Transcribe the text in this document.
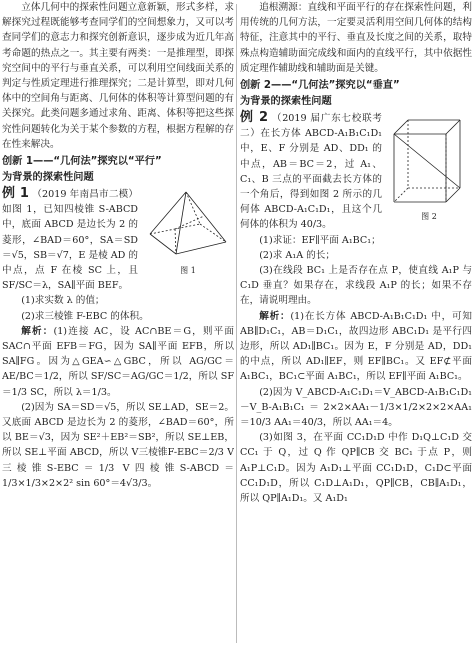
立体几何中的探索性问题立意新颖，形式多样，求解探究过程既能够考查同学们的空间想象力，又可以考查同学们的意志力和探究创新意识，逐步成为近几年高考命题的热点之一。其主要有两类：一是推理型，即探究空间中的平行与垂直关系，可以利用空间线面关系的判定与性质定理进行推理探究；二是计算型，即对几何体中的空间角与距离、几何体的体积等计算型问题的有关探究。此类问题多通过求角、距离、体积等把这些探究性问题转化为关于某个参数的方程，根据方程解的存在性来解决。

创新 1——“几何法”探究以“平行”
为背景的探索性问题
图 1

例 1 （2019 年南昌市二模）如图 1，已知四棱锥 S-ABCD 中，底面 ABCD 是边长为 2 的菱形，∠BAD＝60°，SA＝SD＝√5，SB＝√7，E 是棱 AD 的中点，点 F 在棱 SC 上，且 SF/SC＝λ，SA∥平面 BEF。

(1)求实数 λ 的值；

(2)求三棱锥 F-EBC 的体积。

解析：(1)连接 AC，设 AC∩BE＝G，则平面 SAC∩平面 EFB＝FG，因为 SA∥平面 EFB，所以 SA∥FG。因为△GEA∽△GBC，所以 AG/GC＝AE/BC＝1/2，所以 SF/SC＝AG/GC＝1/2，所以 SF＝1/3 SC，所以 λ＝1/3。

(2)因为 SA＝SD＝√5，所以 SE⊥AD，SE＝2。又底面 ABCD 是边长为 2 的菱形，∠BAD＝60°，所以 BE＝√3，因为 SE²＋EB²＝SB²，所以 SE⊥EB，所以 SE⊥平面 ABCD，所以 V三棱锥F-EBC＝2/3 V三棱锥S-EBC＝1/3 V四棱锥S-ABCD＝1/3×1/3×2×2² sin 60°＝4√3/3。

追根溯源：直线和平面平行的存在探索性问题，利用传统的几何方法，一定要灵活利用空间几何体的结构特征，注意其中的平行、垂直及长度之间的关系，取特殊点构造辅助面完成线和面内的直线平行，其中依据性质定理作辅助线和辅助面是关键。

创新 2——“几何法”探究以“垂直”
为背景的探索性问题
图 2

例 2 （2019 届广东七校联考二）在长方体 ABCD-A₁B₁C₁D₁ 中，E、F 分别是 AD、DD₁ 的中点，AB＝BC＝2，过 A₁、C₁、B 三点的平面截去长方体的一个角后，得到如图 2 所示的几何体 ABCD-A₁C₁D₁，且这个几何体的体积为 40/3。

(1)求证：EF∥平面 A₁BC₁；

(2)求 A₁A 的长；

(3)在线段 BC₁ 上是否存在点 P，使直线 A₁P 与 C₁D 垂直？如果存在，求线段 A₁P 的长；如果不存在，请说明理由。

解析：(1)在长方体 ABCD-A₁B₁C₁D₁ 中，可知 AB∥D₁C₁，AB＝D₁C₁，故四边形 ABC₁D₁ 是平行四边形，所以 AD₁∥BC₁。因为 E，F 分别是 AD，DD₁ 的中点，所以 AD₁∥EF，则 EF∥BC₁。又 EF⊄平面 A₁BC₁，BC₁⊂平面 A₁BC₁，所以 EF∥平面 A₁BC₁。

(2)因为 V_ABCD-A₁C₁D₁＝V_ABCD-A₁B₁C₁D₁－V_B-A₁B₁C₁＝2×2×AA₁－1/3×1/2×2×2×AA₁＝10/3 AA₁＝40/3，所以 AA₁＝4。

(3)如图 3，在平面 CC₁D₁D 中作 D₁Q⊥C₁D 交 CC₁ 于 Q，过 Q 作 QP∥CB 交 BC₁ 于点 P，则 A₁P⊥C₁D。因为 A₁D₁⊥平面 CC₁D₁D，C₁D⊂平面 CC₁D₁D，所以 C₁D⊥A₁D₁，QP∥CB，CB∥A₁D₁，所以 QP∥A₁D₁。又 A₁D₁
